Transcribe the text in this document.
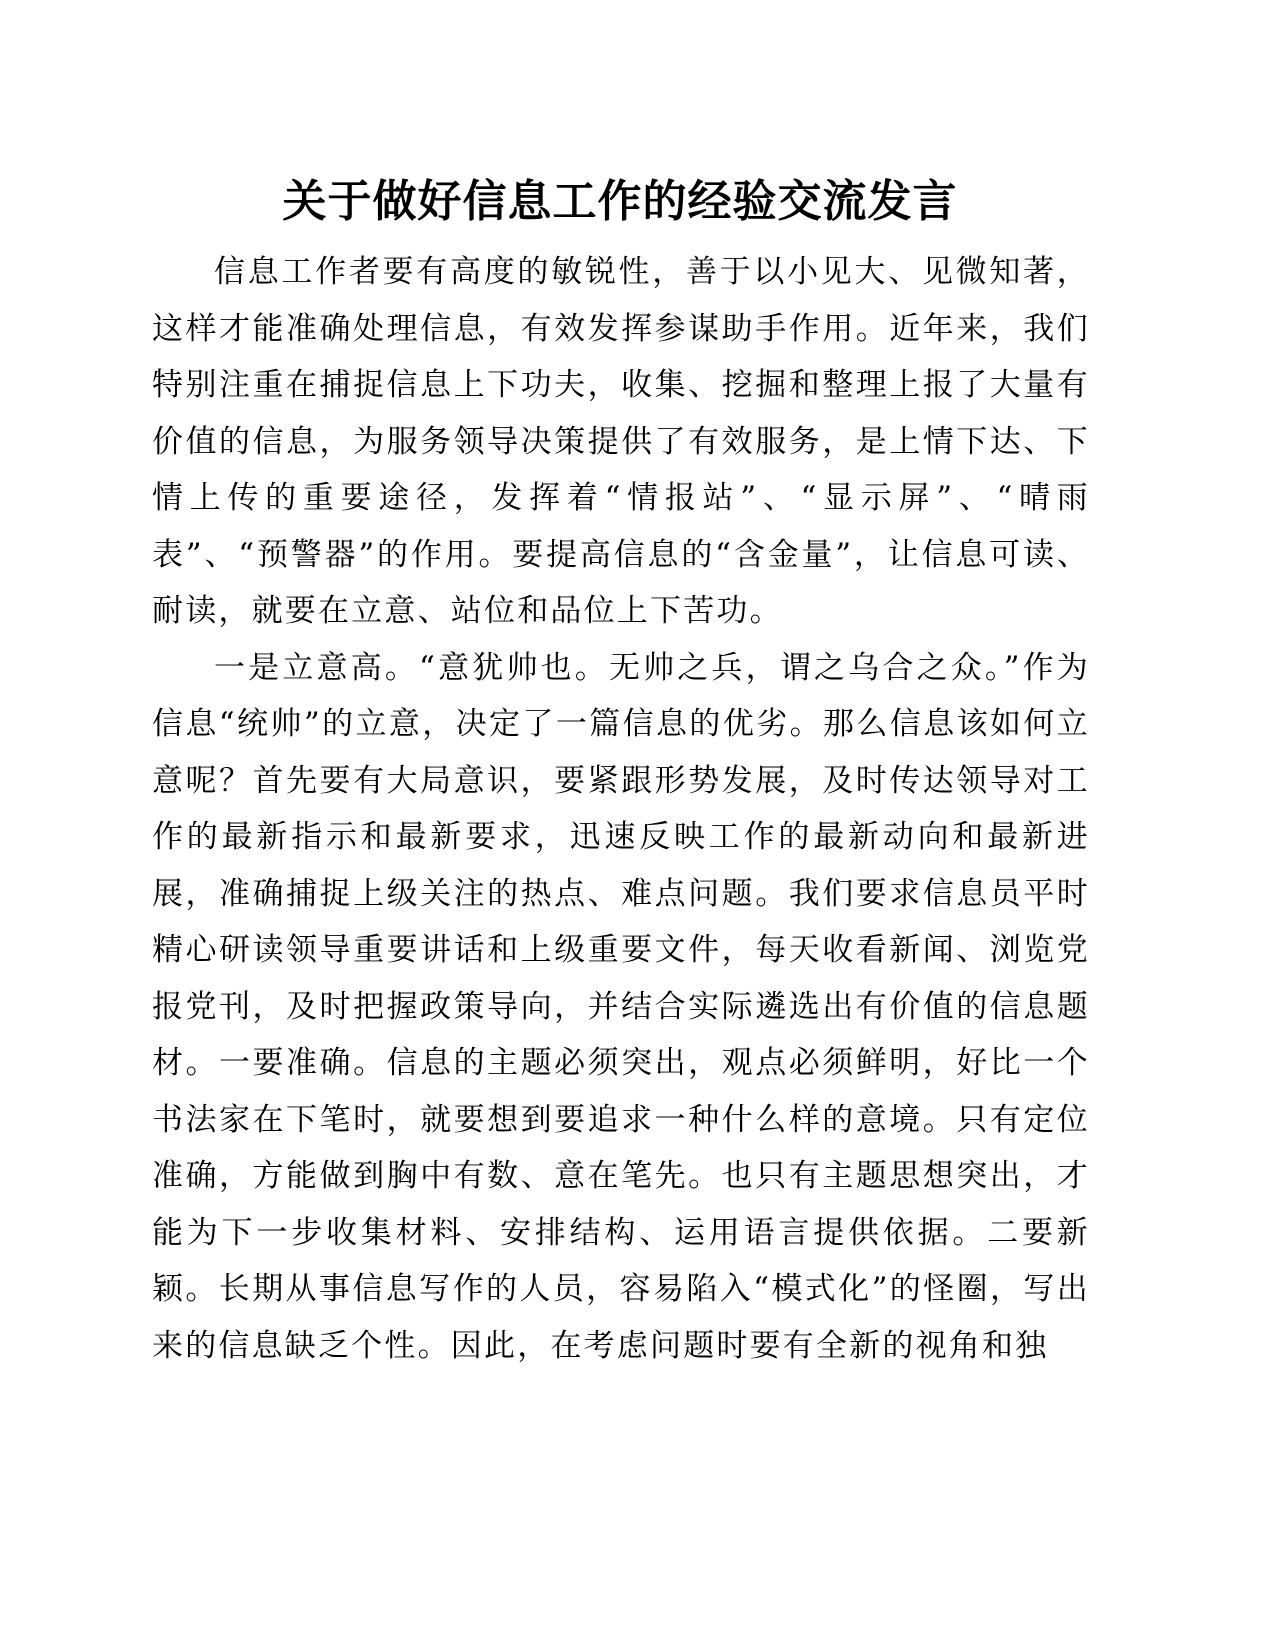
关于做好信息工作的经验交流发言

信息工作者要有高度的敏锐性，善于以小见大、见微知著，这样才能准确处理信息，有效发挥参谋助手作用。近年来，我们特别注重在捕捉信息上下功夫，收集、挖掘和整理上报了大量有价值的信息，为服务领导决策提供了有效服务，是上情下达、下情上传的重要途径，发挥着“情报站”、“显示屏”、“晴雨表”、“预警器”的作用。要提高信息的“含金量”，让信息可读、耐读，就要在立意、站位和品位上下苦功。

一是立意高。“意犹帅也。无帅之兵，谓之乌合之众。”作为信息“统帅”的立意，决定了一篇信息的优劣。那么信息该如何立意呢？首先要有大局意识，要紧跟形势发展，及时传达领导对工作的最新指示和最新要求，迅速反映工作的最新动向和最新进展，准确捕捉上级关注的热点、难点问题。我们要求信息员平时精心研读领导重要讲话和上级重要文件，每天收看新闻、浏览党报党刊，及时把握政策导向，并结合实际遴选出有价值的信息题材。一要准确。信息的主题必须突出，观点必须鲜明，好比一个书法家在下笔时，就要想到要追求一种什么样的意境。只有定位准确，方能做到胸中有数、意在笔先。也只有主题思想突出，才能为下一步收集材料、安排结构、运用语言提供依据。二要新颖。长期从事信息写作的人员，容易陷入“模式化”的怪圈，写出来的信息缺乏个性。因此，在考虑问题时要有全新的视角和独
